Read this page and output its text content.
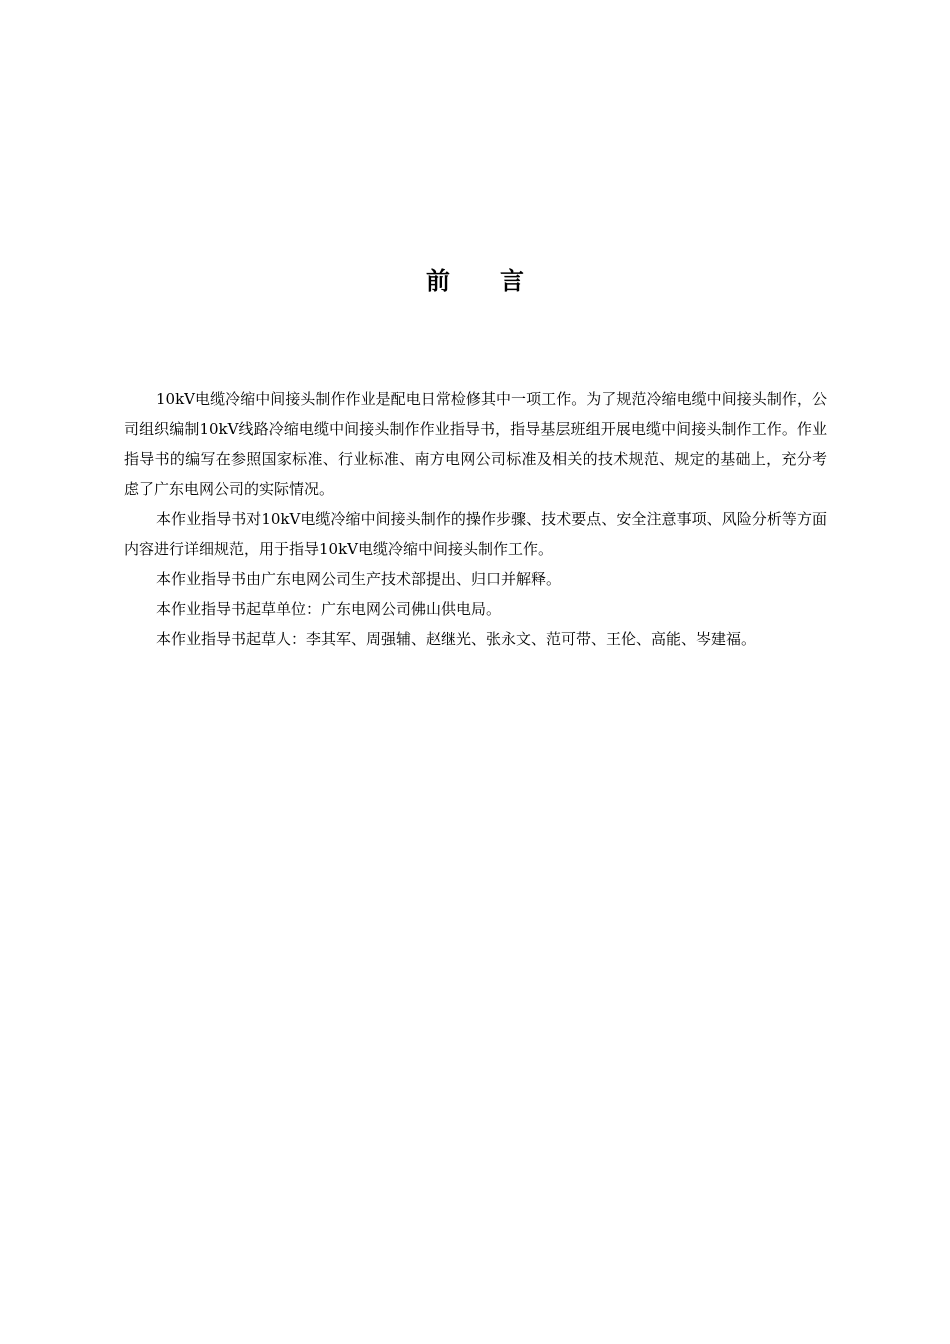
前 言

10kV电缆冷缩中间接头制作作业是配电日常检修其中一项工作。为了规范冷缩电缆中间接头制作，公司组织编制10kV线路冷缩电缆中间接头制作作业指导书，指导基层班组开展电缆中间接头制作工作。作业指导书的编写在参照国家标准、行业标准、南方电网公司标准及相关的技术规范、规定的基础上，充分考虑了广东电网公司的实际情况。

本作业指导书对10kV电缆冷缩中间接头制作的操作步骤、技术要点、安全注意事项、风险分析等方面内容进行详细规范，用于指导10kV电缆冷缩中间接头制作工作。

本作业指导书由广东电网公司生产技术部提出、归口并解释。

本作业指导书起草单位：广东电网公司佛山供电局。

本作业指导书起草人：李其军、周强辅、赵继光、张永文、范可带、王伦、高能、岑建福。
